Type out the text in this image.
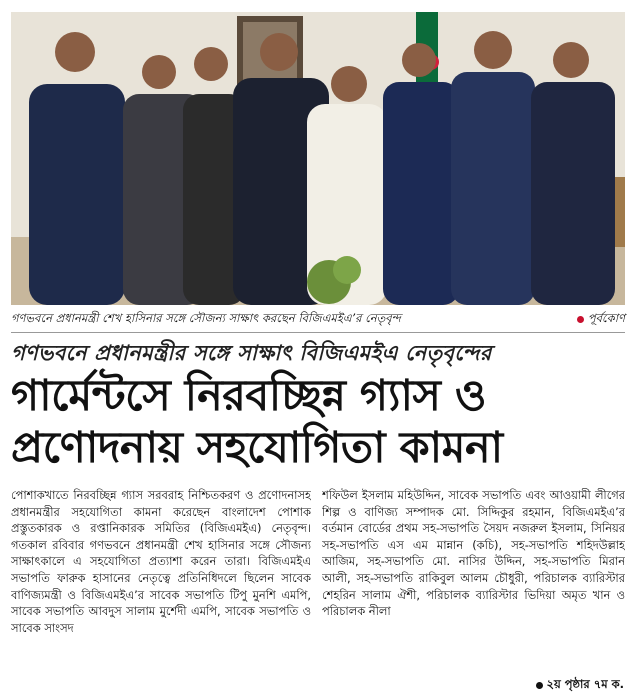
গণভবনে প্রধানমন্ত্রী শেখ হাসিনার সঙ্গে সৌজন্য সাক্ষাৎ করছেন বিজিএমইএ’র নেতৃবৃন্দ	পূর্বকোণ
গণভবনে প্রধানমন্ত্রীর সঙ্গে সাক্ষাৎ বিজিএমইএ নেতৃবৃন্দের
গার্মেন্টসে নিরবচ্ছিন্ন গ্যাস ও
প্রণোদনায় সহযোগিতা কামনা
পোশাকখাতে নিরবচ্ছিন্ন গ্যাস সরবরাহ নিশ্চিতকরণ ও প্রণোদনাসহ প্রধানমন্ত্রীর সহযোগিতা কামনা করেছেন বাংলাদেশ পোশাক প্রস্তুতকারক ও রপ্তানিকারক সমিতির (বিজিএমইএ) নেতৃবৃন্দ। গতকাল রবিবার গণভবনে প্রধানমন্ত্রী শেখ হাসিনার সঙ্গে সৌজন্য সাক্ষাৎকালে এ সহযোগিতা প্রত্যাশা করেন তারা। বিজিএমইএ সভাপতি ফারুক হাসানের নেতৃত্বে প্রতিনিধিদলে ছিলেন সাবেক বাণিজ্যমন্ত্রী ও বিজিএমইএ’র সাবেক সভাপতি টিপু মুনশি এমপি, সাবেক সভাপতি আবদুস সালাম মুর্শেদী এমপি, সাবেক সভাপতি ও সাবেক সাংসদ
শফিউল ইসলাম মহিউদ্দিন, সাবেক সভাপতি এবং আওয়ামী লীগের শিল্প ও বাণিজ্য সম্পাদক মো. সিদ্দিকুর রহমান, বিজিএমইএ’র বর্তমান বোর্ডের প্রথম সহ-সভাপতি সৈয়দ নজরুল ইসলাম, সিনিয়র সহ-সভাপতি এস এম মান্নান (কচি), সহ-সভাপতি শহিদউল্লাহ আজিম, সহ-সভাপতি মো. নাসির উদ্দিন, সহ-সভাপতি মিরান আলী, সহ-সভাপতি রাকিবুল আলম চৌধুরী, পরিচালক ব্যারিস্টার শেহরিন সালাম ঐশী, পরিচালক ব্যারিস্টার ভিদিয়া অমৃত খান ও পরিচালক নীলা
২য় পৃষ্ঠার ৭ম ক.
